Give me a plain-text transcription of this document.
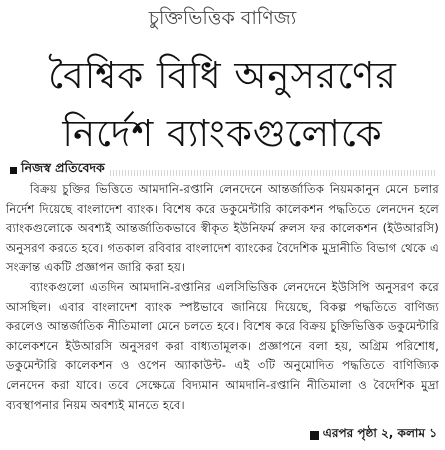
চুক্তিভিত্তিক বাণিজ্য
বৈশ্বিক বিধি অনুসরণের
নির্দেশ ব্যাংকগুলোকে
নিজস্ব প্রতিবেদক

বিক্রয় চুক্তির ভিত্তিতে আমদানি-রপ্তানি লেনদেনে আন্তর্জাতিক নিয়মকানুন মেনে চলার নির্দেশ দিয়েছে বাংলাদেশ ব্যাংক। বিশেষ করে ডকুমেন্টারি কালেকশন পদ্ধতিতে লেনদেন হলে ব্যাংকগুলোকে অবশ্যই আন্তর্জাতিকভাবে স্বীকৃত ইউনিফর্ম রুলস ফর কালেকশন (ইউআরসি) অনুসরণ করতে হবে। গতকাল রবিবার বাংলাদেশ ব্যাংকের বৈদেশিক মুদ্রানীতি বিভাগ থেকে এ সংক্রান্ত একটি প্রজ্ঞাপন জারি করা হয়।

ব্যাংকগুলো এতদিন আমদানি-রপ্তানির এলসিভিত্তিক লেনদেনে ইউসিপি অনুসরণ করে আসছিল। এবার বাংলাদেশ ব্যাংক স্পষ্টভাবে জানিয়ে দিয়েছে, বিকল্প পদ্ধতিতে বাণিজ্য করলেও আন্তর্জাতিক নীতিমালা মেনে চলতে হবে। বিশেষ করে বিক্রয় চুক্তিভিত্তিক ডকুমেন্টারি কালেকশনে ইউআরসি অনুসরণ করা বাধ্যতামূলক। প্রজ্ঞাপনে বলা হয়, অগ্রিম পরিশোধ, ডকুমেন্টারি কালেকশন ও ওপেন অ্যাকাউন্ট- এই ৩টি অনুমোদিত পদ্ধতিতে বাণিজ্যিক লেনদেন করা যাবে। তবে সেক্ষেত্রে বিদ্যমান আমদানি-রপ্তানি নীতিমালা ও বৈদেশিক মুদ্রা ব্যবস্থাপনার নিয়ম অবশ্যই মানতে হবে।

এরপর পৃষ্ঠা ২, কলাম ১
